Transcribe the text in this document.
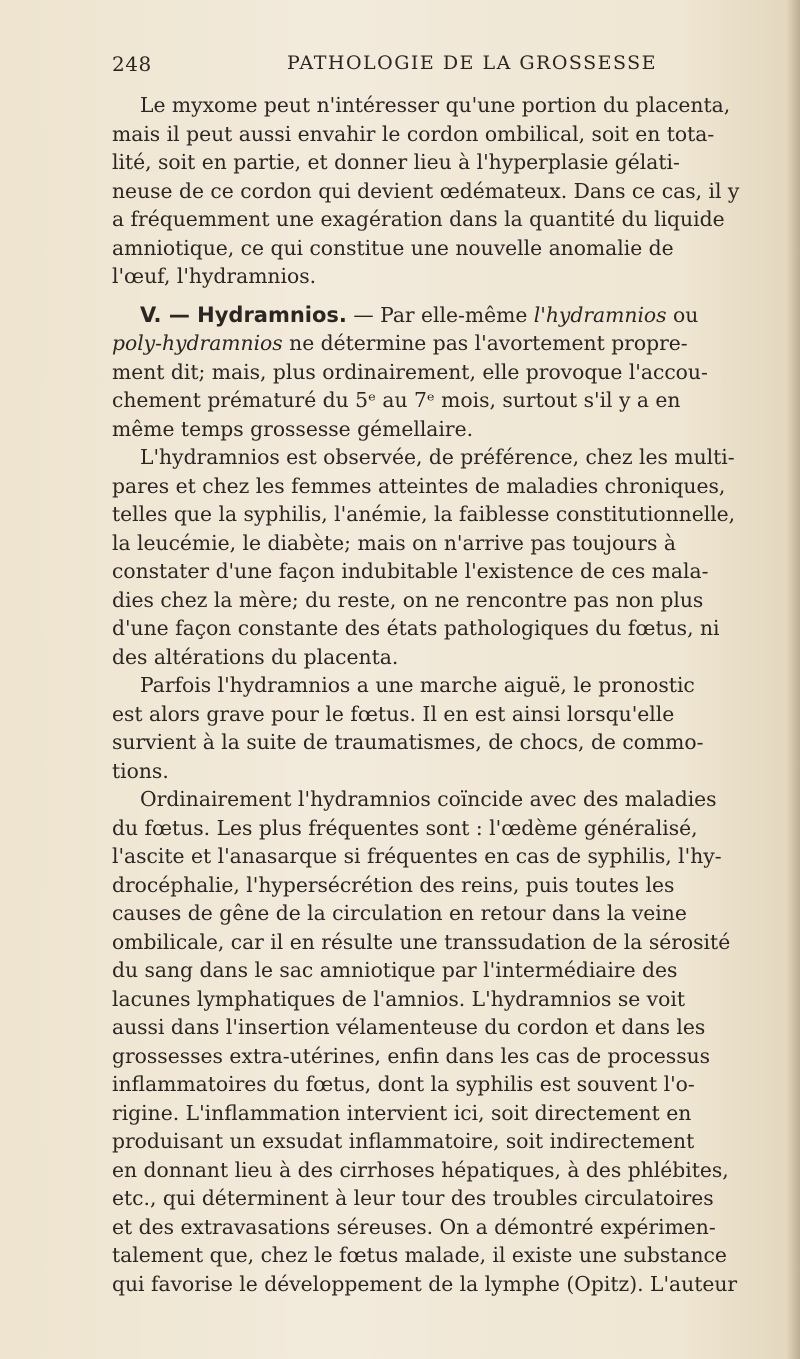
248	PATHOLOGIE DE LA GROSSESSE
Le myxome peut n'intéresser qu'une portion du placenta,
mais il peut aussi envahir le cordon ombilical, soit en tota-
lité, soit en partie, et donner lieu à l'hyperplasie gélati-
neuse de ce cordon qui devient œdémateux. Dans ce cas, il y
a fréquemment une exagération dans la quantité du liquide
amniotique, ce qui constitue une nouvelle anomalie de
l'œuf, l'hydramnios.
V. — Hydramnios. — Par elle-même l'hydramnios ou
poly-hydramnios ne détermine pas l'avortement propre-
ment dit; mais, plus ordinairement, elle provoque l'accou-
chement prématuré du 5ᵉ au 7ᵉ mois, surtout s'il y a en
même temps grossesse gémellaire.
L'hydramnios est observée, de préférence, chez les multi-
pares et chez les femmes atteintes de maladies chroniques,
telles que la syphilis, l'anémie, la faiblesse constitutionnelle,
la leucémie, le diabète; mais on n'arrive pas toujours à
constater d'une façon indubitable l'existence de ces mala-
dies chez la mère; du reste, on ne rencontre pas non plus
d'une façon constante des états pathologiques du fœtus, ni
des altérations du placenta.
Parfois l'hydramnios a une marche aiguë, le pronostic
est alors grave pour le fœtus. Il en est ainsi lorsqu'elle
survient à la suite de traumatismes, de chocs, de commo-
tions.
Ordinairement l'hydramnios coïncide avec des maladies
du fœtus. Les plus fréquentes sont : l'œdème généralisé,
l'ascite et l'anasarque si fréquentes en cas de syphilis, l'hy-
drocéphalie, l'hypersécrétion des reins, puis toutes les
causes de gêne de la circulation en retour dans la veine
ombilicale, car il en résulte une transsudation de la sérosité
du sang dans le sac amniotique par l'intermédiaire des
lacunes lymphatiques de l'amnios. L'hydramnios se voit
aussi dans l'insertion vélamenteuse du cordon et dans les
grossesses extra-utérines, enfin dans les cas de processus
inflammatoires du fœtus, dont la syphilis est souvent l'o-
rigine. L'inflammation intervient ici, soit directement en
produisant un exsudat inflammatoire, soit indirectement
en donnant lieu à des cirrhoses hépatiques, à des phlébites,
etc., qui déterminent à leur tour des troubles circulatoires
et des extravasations séreuses. On a démontré expérimen-
talement que, chez le fœtus malade, il existe une substance
qui favorise le développement de la lymphe (Opitz). L'auteur
